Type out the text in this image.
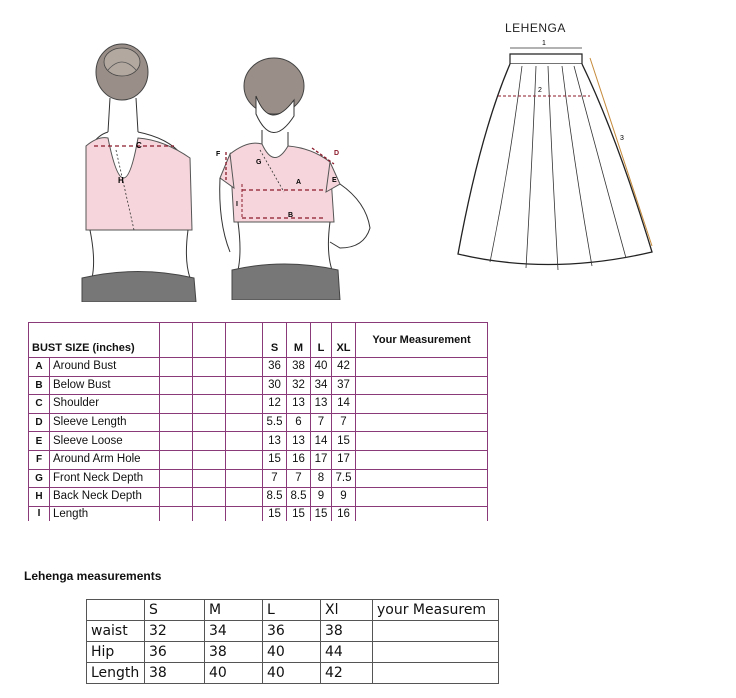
C
H	A
B
D
E
F
G
I
LEHENGA
1
2
3
BUST SIZE (inches)					S	M	L	XL	Your Measurement
A	Around Bust				36	38	40	42	
B	Below Bust				30	32	34	37	
C	Shoulder				12	13	13	14	
D	Sleeve Length				5.5	6	7	7	
E	Sleeve Loose				13	13	14	15	
F	Around Arm Hole				15	16	17	17	
G	Front Neck Depth				7	7	8	7.5	
H	Back Neck Depth				8.5	8.5	9	9	
I	Length				15	15	15	16	
Lehenga measurements
	S	M	L	Xl	your Measurem
waist	32	34	36	38	
Hip	36	38	40	44	
Length	38	40	40	42	
